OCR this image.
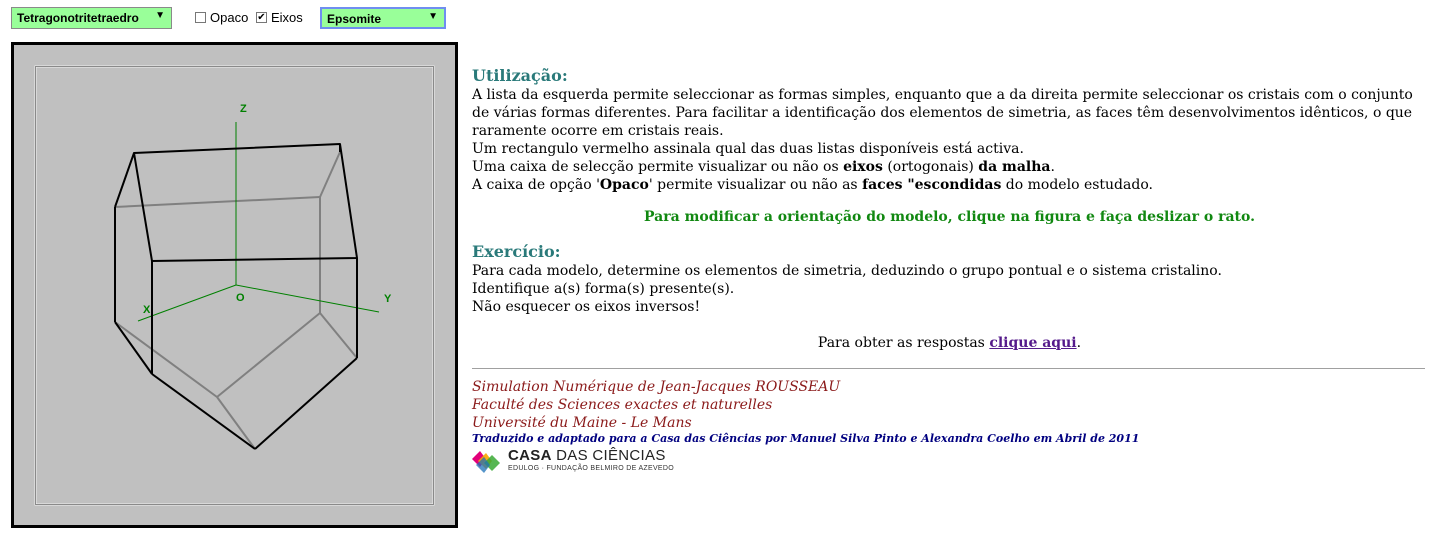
Tetragonotritetraedro ▼	Opaco ✔ Eixos	Epsomite	▼
Z
X
Y
O
Utilização:

A lista da esquerda permite seleccionar as formas simples, enquanto que a da direita permite seleccionar os cristais com o conjunto de várias formas diferentes. Para facilitar a identificação dos elementos de simetria, as faces têm desenvolvimentos idênticos, o que raramente ocorre em cristais reais.

Um rectangulo vermelho assinala qual das duas listas disponíveis está activa.

Uma caixa de selecção permite visualizar ou não os eixos (ortogonais) da malha.

A caixa de opção 'Opaco' permite visualizar ou não as faces "escondidas do modelo estudado.

Para modificar a orientação do modelo, clique na figura e faça deslizar o rato.

Exercício:

Para cada modelo, determine os elementos de simetria, deduzindo o grupo pontual e o sistema cristalino.

Identifique a(s) forma(s) presente(s).

Não esquecer os eixos inversos!

Para obter as respostas clique aqui.

Simulation Numérique de Jean-Jacques ROUSSEAU
Faculté des Sciences exactes et naturelles
Université du Maine - Le Mans
Traduzido e adaptado para a Casa das Ciências por Manuel Silva Pinto e Alexandra Coelho em Abril de 2011
CASA DAS CIÊNCIAS
EDULOG · FUNDAÇÃO BELMIRO DE AZEVEDO
